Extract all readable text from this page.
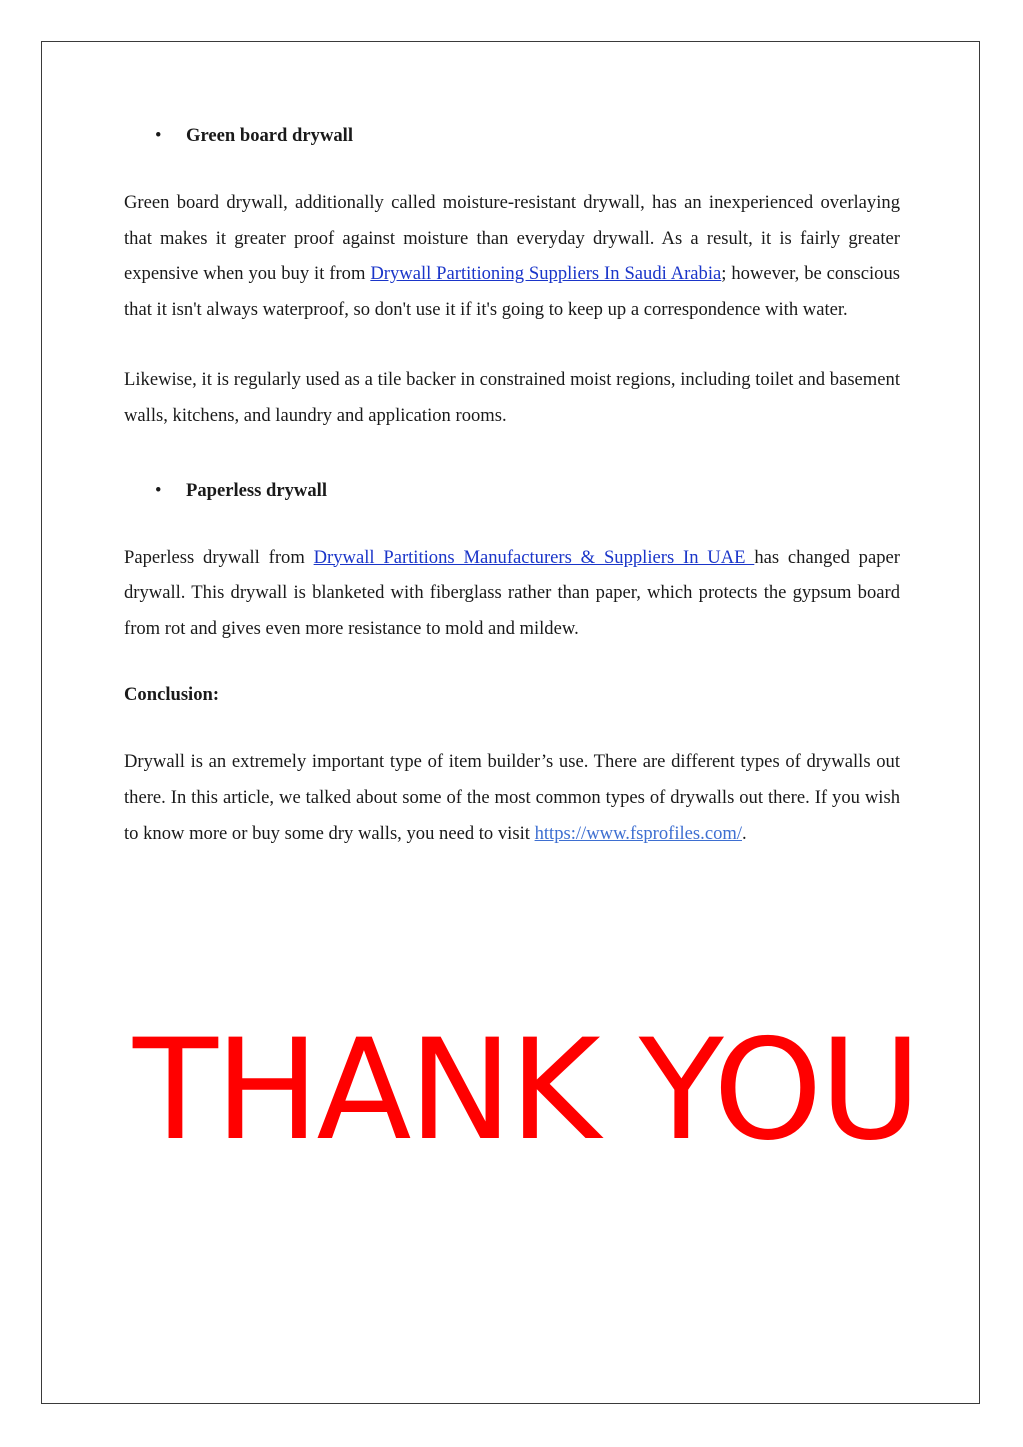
• Green board drywall

Green board drywall, additionally called moisture-resistant drywall, has an inexperienced overlaying that makes it greater proof against moisture than everyday drywall. As a result, it is fairly greater expensive when you buy it from Drywall Partitioning Suppliers In Saudi Arabia; however, be conscious that it isn't always waterproof, so don't use it if it's going to keep up a correspondence with water.

Likewise, it is regularly used as a tile backer in constrained moist regions, including toilet and basement walls, kitchens, and laundry and application rooms.

• Paperless drywall

Paperless drywall from Drywall Partitions Manufacturers & Suppliers In UAE has changed paper drywall. This drywall is blanketed with fiberglass rather than paper, which protects the gypsum board from rot and gives even more resistance to mold and mildew.

Conclusion:

Drywall is an extremely important type of item builder’s use. There are different types of drywalls out there. In this article, we talked about some of the most common types of drywalls out there. If you wish to know more or buy some dry walls, you need to visit https://www.fsprofiles.com/.

THANK YOU
